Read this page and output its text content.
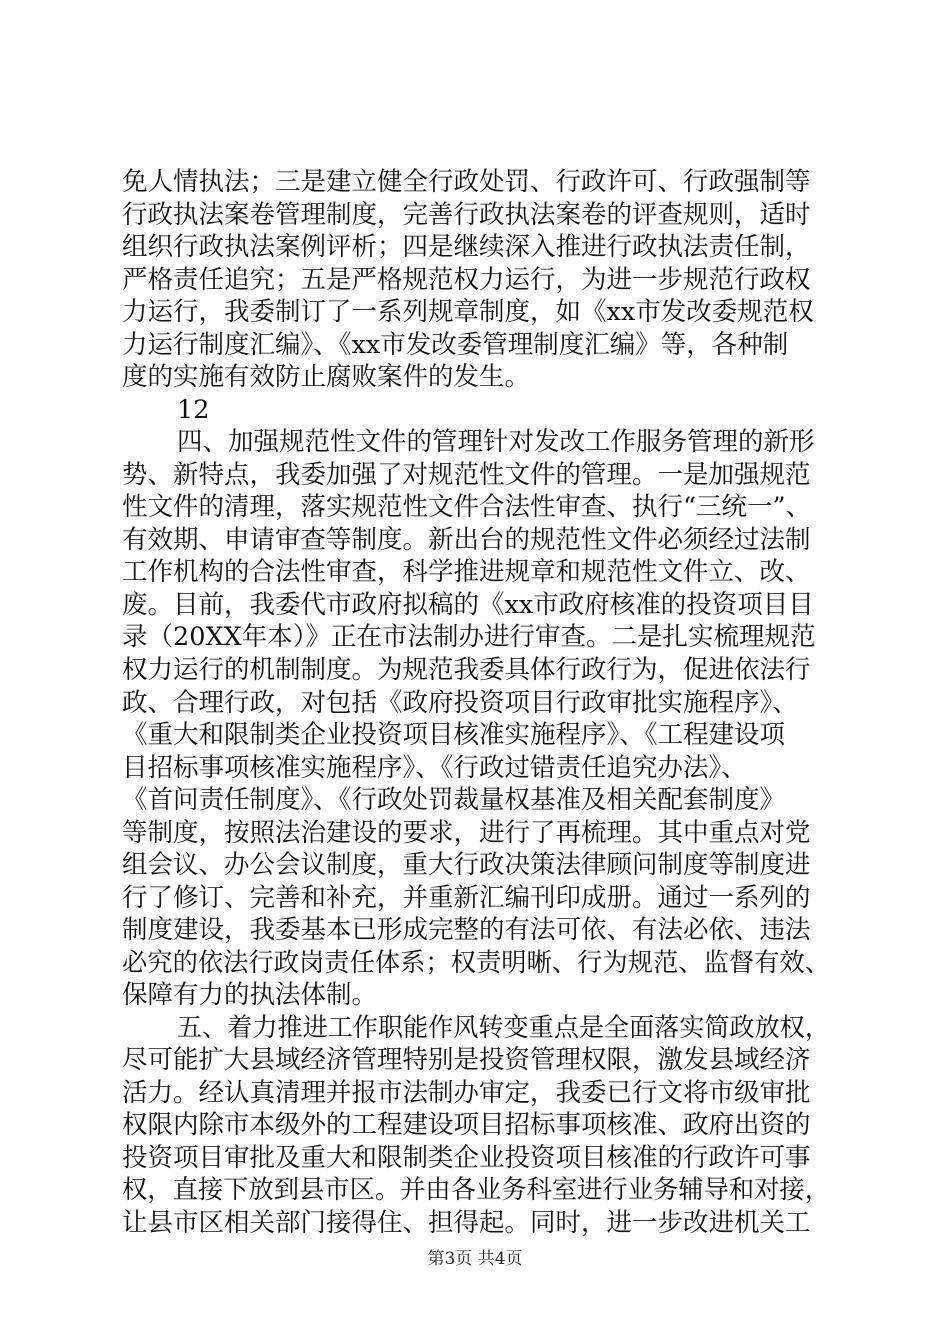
免人情执法；三是建立健全行政处罚、行政许可、行政强制等
行政执法案卷管理制度，完善行政执法案卷的评查规则，适时
组织行政执法案例评析；四是继续深入推进行政执法责任制，
严格责任追究；五是严格规范权力运行，为进一步规范行政权
力运行，我委制订了一系列规章制度，如《xx市发改委规范权
力运行制度汇编》、《xx市发改委管理制度汇编》等，各种制
度的实施有效防止腐败案件的发生。
12
四、加强规范性文件的管理针对发改工作服务管理的新形
势、新特点，我委加强了对规范性文件的管理。一是加强规范
性文件的清理，落实规范性文件合法性审查、执行“三统一”、
有效期、申请审查等制度。新出台的规范性文件必须经过法制
工作机构的合法性审查，科学推进规章和规范性文件立、改、
废。目前，我委代市政府拟稿的《xx市政府核准的投资项目目
录（20XX年本）》正在市法制办进行审查。二是扎实梳理规范
权力运行的机制制度。为规范我委具体行政行为，促进依法行
政、合理行政，对包括《政府投资项目行政审批实施程序》、
《重大和限制类企业投资项目核准实施程序》、《工程建设项
目招标事项核准实施程序》、《行政过错责任追究办法》、
《首问责任制度》、《行政处罚裁量权基准及相关配套制度》
等制度，按照法治建设的要求，进行了再梳理。其中重点对党
组会议、办公会议制度，重大行政决策法律顾问制度等制度进
行了修订、完善和补充，并重新汇编刊印成册。通过一系列的
制度建设，我委基本已形成完整的有法可依、有法必依、违法
必究的依法行政岗责任体系；权责明晰、行为规范、监督有效、
保障有力的执法体制。
五、着力推进工作职能作风转变重点是全面落实简政放权，
尽可能扩大县域经济管理特别是投资管理权限，激发县域经济
活力。经认真清理并报市法制办审定，我委已行文将市级审批
权限内除市本级外的工程建设项目招标事项核准、政府出资的
投资项目审批及重大和限制类企业投资项目核准的行政许可事
权，直接下放到县市区。并由各业务科室进行业务辅导和对接，
让县市区相关部门接得住、担得起。同时，进一步改进机关工
第3页 共4页
